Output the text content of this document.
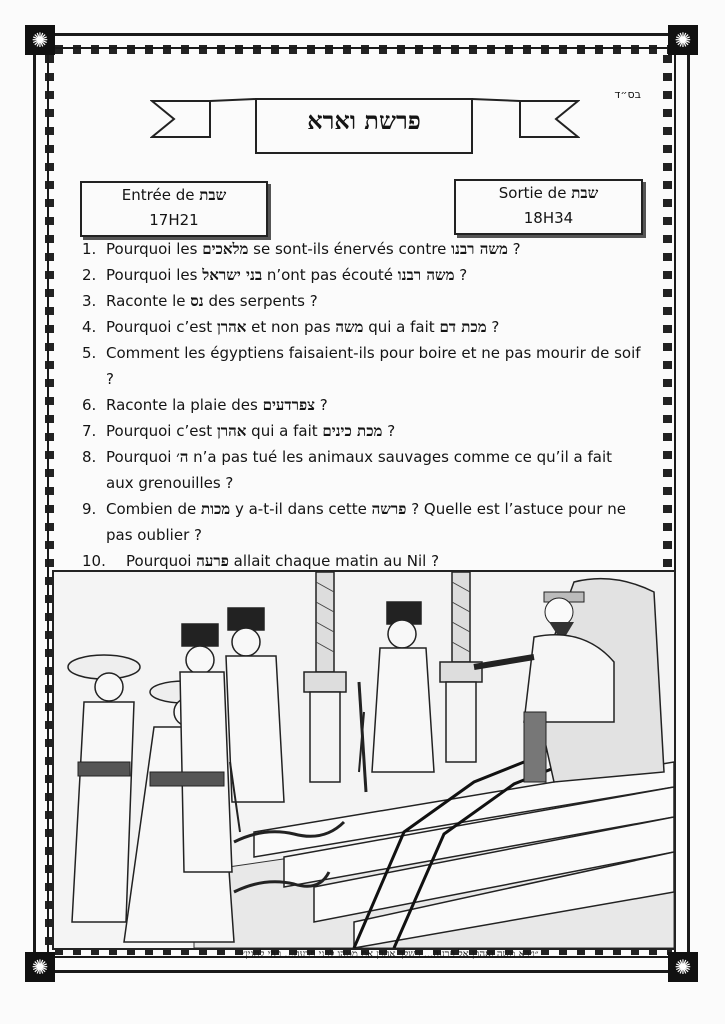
✺	✺
✺	✺
בס״ד
פרשת וארא
Entrée de שבת
17H21
Sortie de שבת
18H34
1. Pourquoi les מלאכים se sont-ils énervés contre משה רבנו ?
2. Pourquoi les בני ישראל n’ont pas écouté משה רבנו ?
3. Raconte le נס des serpents ?
4. Pourquoi c’est אהרן et non pas משה qui a fait מכת דם ?
5. Comment les égyptiens faisaient-ils pour boire et ne pas mourir de soif ?
6. Raconte la plaie des צפרדעים ?
7. Pourquoi c’est אהרן qui a fait מכת כינים ?
8. Pourquoi ה׳ n’a pas tué les animaux sauvages comme ce qu’il a fait aux grenouilles ?
9. Combien de מכות y a-t-il dans cette פרשה ? Quelle est l’astuce pour ne pas oublier ?
10. Pourquoi פרעה allait chaque matin au Nil ?
״ויבא משה ואהרן אל פרעה... וישלך אהרן את מטהו לפני פרעה... ויהי לתנין״
